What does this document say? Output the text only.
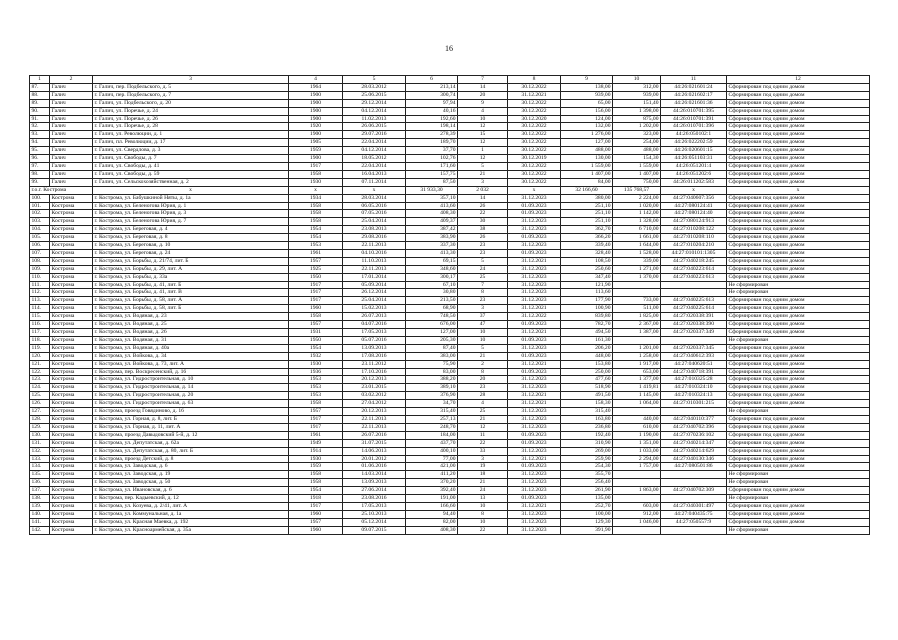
16
1	2	3	4	5	6	7	8	9	10	11	12
87.	Галич	г. Галич, пер. Подбельского, д. 5	1964	28.03.2012	213,14	14	30.12.2022	138,00	312,00	44:26:021601:24	Сформирован под одним домом
88.	Галич	г. Галич, пер. Подбельского, д. 7	1900	25.06.2015	300,74	20	31.12.2021	939,00	939,00	44:26:021602:17	Сформирован под одним домом
89.	Галич	г. Галич, ул. Подбельского, д. 20	1900	29.12.2014	97,94	9	30.12.2022	65,00	151,40	44:26:021601:36	Сформирован под одним домом
90.	Галич	г. Галич, ул. Поречье, д. 24	1900	04.12.2014	40,16	4	30.12.2022	156,00	1 398,00	44:26:010701:395	Сформирован под одним домом
91.	Галич	г. Галич, ул. Поречье, д. 26	1900	11.02.2013	192,60	10	30.12.2020	124,00	875,00	44:26:010701:391	Сформирован под одним домом
92.	Галич	г. Галич, ул. Поречье, д. 28	1920	26.06.2015	198,14	12	30.12.2022	132,00	1 202,00	44:26:010701:396	Сформирован под одним домом
93.	Галич	г. Галич, ул. Революции, д. 1	1900	29.07.2016	278,39	15	30.12.2022	1 276,00	323,00	44:26:050102:1	Сформирован под одним домом
94.	Галич	г. Галич, пл. Революции, д. 17	1905	22.04.2014	189,70	12	30.12.2022	127,00	254,00	44:26:022202:59	Сформирован под одним домом
95.	Галич	г. Галич, ул. Свердлова, д. 3	1959	04.12.2014	37,70	1	30.12.2022	488,00	488,00	44:26:020601:15	Сформирован под одним домом
96.	Галич	г. Галич, ул. Свободы, д. 7	1900	18.05.2012	102,76	12	30.12.2019	130,00	154,30	44:26:051103:31	Сформирован под одним домом
97.	Галич	г. Галич, ул. Свободы, д. 41	1917	22.04.2014	171,60	5	30.12.2022	1 559,00	1 559,00	44:26:051201:4	Сформирован под одним домом
98.	Галич	г. Галич, ул. Свободы, д. 59	1958	16.04.2013	157,75	21	30.12.2022	1 407,00	1 407,00	44:26:051202:6	Сформирован под одним домом
99.	Галич	г. Галич, ул. Сельскохозяйственная, д. 2	1930	07.11.2014	87,50	3	30.12.2022	84,00	750,00	44:26:011202:583	Сформирован под одним домом
г.о.г. Кострома		x	x	x	31 933,30	2 032	x	32 166,60	135 768,57	x	x
100.	Кострома	г. Кострома, ул. Бабушкиной Няты, д. 1а	1934	28.03.2014	357,10	14	31.12.2023	380,00	2 224,00	44:27:040607:356	Сформирован под одним домом
101.	Кострома	г. Кострома, ул. Беленогова Юрия, д. 1	1958	06.05.2016	413,60	26	01.09.2023	251,10	1 020,00	44:27:080124:41	Сформирован под одним домом
102.	Кострома	г. Кострома, ул. Беленогова Юрия, д. 3	1958	07.05.2016	408,30	22	01.09.2023	251,10	1 142,00	44:27:080124:40	Сформирован под одним домом
103.	Кострома	г. Кострома, ул. Беленогова Юрия, д. 7	1958	25.04.2014	409,37	30	31.12.2023	251,10	1 328,00	44:27:080124:913	Сформирован под одним домом
104.	Кострома	г. Кострома, ул. Береговая, д. 4	1954	23.08.2013	387,42	38	31.12.2023	362,70	6 710,00	44:27:010208:122	Сформирован под одним домом
105.	Кострома	г. Кострома, ул. Береговая, д. 8	1954	29.08.2016	383,90	26	01.09.2023	366,20	1 661,00	44:27:010208:110	Сформирован под одним домом
106.	Кострома	г. Кострома, ул. Береговая, д. 10	1953	22.11.2013	337,30	23	31.12.2023	339,40	1 644,00	44:27:010204:210	Сформирован под одним домом
107.	Кострома	г. Кострома, ул. Береговая, д. 24	1961	04.10.2016	413,30	23	01.09.2023	328,40	1 528,00	44:27:010101:1305	Сформирован под одним домом
108.	Кострома	г. Кострома, ул. Борьбы, д. 21/74, лит. Б	1957	11.10.2013	69,15	5	31.12.2021	108,50	339,00	44:27:040218:245	Сформирован под одним домом
109.	Кострома	г. Кострома, ул. Борьбы, д. 29, лит. А	1925	22.11.2013	348,60	24	31.12.2023	250,60	1 271,00	44:27:040223:614	Сформирован под одним домом
110.	Кострома	г. Кострома, ул. Борьбы, д. 33а	1950	17.01.2014	300,17	25	31.12.2023	347,40	1 370,00	44:27:040223:613	Сформирован под одним домом
111.	Кострома	г. Кострома, ул. Борьбы, д. 41, лит. Б	1917	05.09.2014	67,10	7	31.12.2023	121,90			Не сформирован
112.	Кострома	г. Кострома, ул. Борьбы, д. 41, лит. В	1917	26.12.2014	30,80	8	31.12.2023	113,60			Не сформирован
113.	Кострома	г. Кострома, ул. Борьбы, д. 58, лит. А	1917	25.04.2014	213,50	23	31.12.2023	177,90	733,00	44:27:040225:613	Сформирован под одним домом
114.	Кострома	г. Кострома, ул. Борьбы, д. 58, лит. Б	1960	15.02.2013	68,90	3	31.12.2021	100,90	511,00	44:27:040225:614	Сформирован под одним домом
115.	Кострома	г. Кострома, ул. Водяная, д. 23	1958	26.07.2013	748,50	37	31.12.2022	839,80	1 825,00	44:27:020338:391	Сформирован под одним домом
116.	Кострома	г. Кострома, ул. Водяная, д. 25	1957	04.07.2016	676,00	47	01.09.2023	782,70	2 367,00	44:27:020338:390	Сформирован под одним домом
117.	Кострома	г. Кострома, ул. Водяная, д. 26	1931	17.05.2013	127,00	10	31.12.2021	494,50	1 387,00	44:27:020337:349	Сформирован под одним домом
118.	Кострома	г. Кострома, ул. Водяная, д. 31	1950	05.07.2016	205,30	10	01.09.2023	161,30			Не сформирован
119.	Кострома	г. Кострома, ул. Водяная, д. 40а	1954	13.09.2013	87,40	5	31.12.2023	206,20	1 201,00	44:27:020337:345	Сформирован под одним домом
120.	Кострома	г. Кострома, ул. Войкова, д. 34	1932	17.08.2016	383,00	21	01.09.2023	448,00	1 258,00	44:27:040612:393	Сформирован под одним домом
121.	Кострома	г. Кострома, ул. Войкова, д. 73, лит. А	1930	23.11.2012	75,90	2	31.12.2021	153,80	1 917,00	44:27:040620:51	Сформирован под одним домом
122.	Кострома	г. Кострома, пер. Воскресенский, д. 16	1936	17.10.2016	83,00	8	01.09.2023	250,00	653,00	44:27:040718:391	Сформирован под одним домом
123.	Кострома	г. Кострома, ул. Гидростроительная, д. 10	1953	20.12.2013	388,20	20	31.12.2023	477,60	1 377,00	44:27:010325:28	Сформирован под одним домом
124.	Кострома	г. Кострома, ул. Гидростроительная, д. 14	1953	23.01.2015	389,10	23	31.12.2023	518,90	1 419,81	44:27:010324:10	Сформирован под одним домом
125.	Кострома	г. Кострома, ул. Гидростроительная, д. 20	1953	03.02.2012	376,90	28	31.12.2021	491,50	1 145,00	44:27:010324:13	Сформирован под одним домом
126.	Кострома	г. Кострома, ул. Гидростроительная, д. 63	1958	27.04.2012	34,70	4	31.12.2021	158,30	1 064,00	44:27:010301:215	Сформирован под одним домом
127.	Кострома	г. Кострома, проезд Говядиново, д. 16	1957	20.12.2013	315,40	25	31.12.2023	315,40			Не сформирован
128.	Кострома	г. Кострома, ул. Горная, д. 8, лит. Б	1917	22.11.2013	257,13	21	31.12.2023	163,80	440,00	44:27:040110:377	Сформирован под одним домом
129.	Кострома	г. Кострома, ул. Горная, д. 11, лит. А	1917	22.11.2013	248,70	12	31.12.2023	236,80	610,00	44:27:040702:396	Сформирован под одним домом
130.	Кострома	г. Кострома, проезд Давыдовский 5-й, д. 12	1961	26.07.2016	184,00	11	01.09.2023	192,40	1 190,00	44:27:070236:102	Сформирован под одним домом
131.	Кострома	г. Кострома, ул. Депутатская, д. 62а	1949	31.07.2015	437,70	22	01.09.2023	310,90	1 351,00	44:27:040214:347	Сформирован под одним домом
132.	Кострома	г. Кострома, ул. Депутатская, д. 80, лит. Б	1914	14.06.2013	400,10	33	31.12.2023	269,00	1 033,00	44:27:040214:629	Сформирован под одним домом
133.	Кострома	г. Кострома, проезд Детский, д. 8	1930	20.01.2012	77,00	3	31.12.2021	259,90	2 294,00	44:27:040130:346	Сформирован под одним домом
134.	Кострома	г. Кострома, ул. Заводская, д. 6	1959	01.06.2016	421,00	19	01.09.2023	254,30	1 757,00	44:27:080501:86	Сформирован под одним домом
135.	Кострома	г. Кострома, ул. Заводская, д. 19	1958	14.03.2014	411,20	18	31.12.2023	355,70			Не сформирован
136.	Кострома	г. Кострома, ул. Заводская, д. 50	1958	13.09.2013	370,20	21	31.12.2023	256,40			Не сформирован
137.	Кострома	г. Кострома, ул. Ивановская, д. 6	1954	27.06.2014	392,40	24	31.12.2023	261,90	1 863,00	44:27:040702:309	Сформирован под одним домом
138.	Кострома	г. Кострома, пер. Кадыевский, д. 12	1918	23.08.2016	191,00	13	01.09.2023	135,00			Не сформирован
139.	Кострома	г. Кострома, ул. Козуева, д. 2/41, лит. А	1917	17.05.2013	166,60	10	31.12.2021	252,70	603,00	44:27:040301:497	Сформирован под одним домом
140.	Кострома	г. Кострома, ул. Коммунальная, д. 1а	1960	25.10.2013	94,40	8	31.12.2023	100,00	912,00	44:27:040435:75	Сформирован под одним домом
141.	Кострома	г. Кострома, ул. Красная Маевка, д. 192	1957	05.12.2014	82,00	10	31.12.2023	129,30	1 046,00	44:27:050557:9	Сформирован под одним домом
142.	Кострома	г. Кострома, ул. Красноармейская, д. 35а	1960	09.07.2015	408,30	22	31.12.2023	391,90			Не сформирован
